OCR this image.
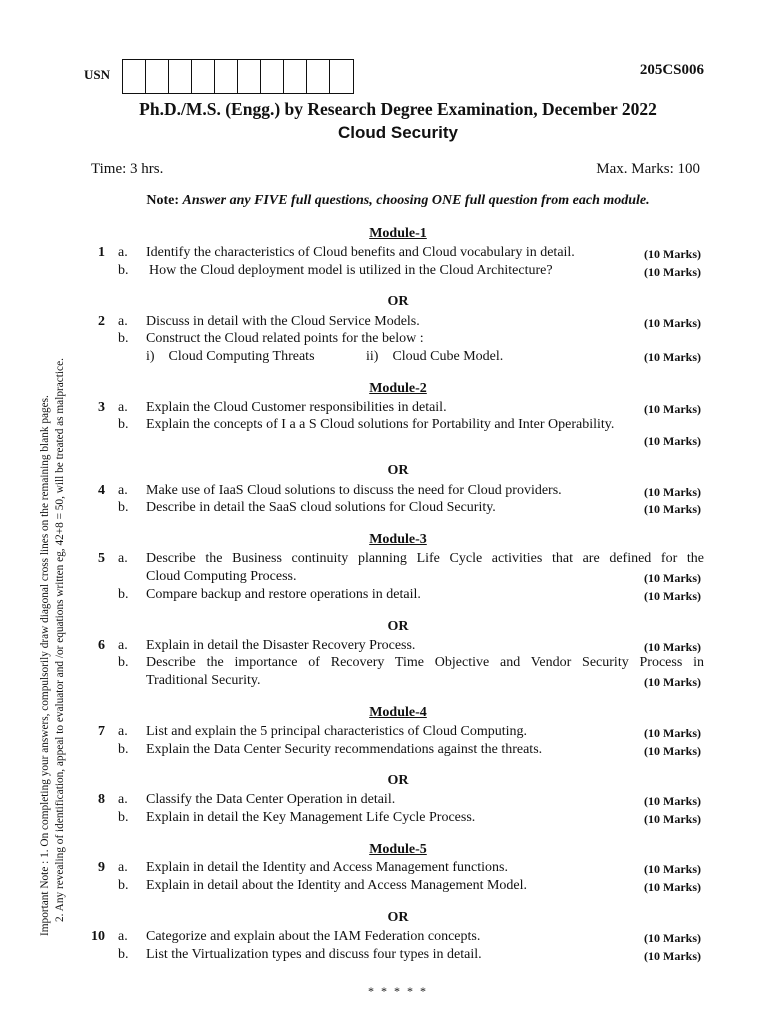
USN	205CS006
Ph.D./M.S. (Engg.) by Research Degree Examination, December 2022
Cloud Security
Time: 3 hrs.	Max. Marks: 100
Note: Answer any FIVE full questions, choosing ONE full question from each module.
Important Note : 1. On completing your answers, compulsorily draw diagonal cross lines on the remaining blank pages. 2. Any revealing of identification, appeal to evaluator and /or equations written eg, 42+8 = 50, will be treated as malpractice.
Module-1
1 a. Identify the characteristics of Cloud benefits and Cloud vocabulary in detail.	(10 Marks)
b. How the Cloud deployment model is utilized in the Cloud Architecture?	(10 Marks)
OR
2 a. Discuss in detail with the Cloud Service Models.	(10 Marks)
b. Construct the Cloud related points for the below :
i)    Cloud Computing Threats	ii)    Cloud Cube Model.	(10 Marks)
Module-2
3 a. Explain the Cloud Customer responsibilities in detail.	(10 Marks)
b. Explain the concepts of I a a S Cloud solutions for Portability and Inter Operability.
(10 Marks)
OR
4 a. Make use of IaaS Cloud solutions to discuss the need for Cloud providers.	(10 Marks)
b. Describe in detail the SaaS cloud solutions for Cloud Security.	(10 Marks)
Module-3
5 a. Describe the Business continuity planning Life Cycle activities that are defined for the
Cloud Computing Process.	(10 Marks)
b. Compare backup and restore operations in detail.	(10 Marks)
OR
6 a. Explain in detail the Disaster Recovery Process.	(10 Marks)
b. Describe the importance of Recovery Time Objective and Vendor Security Process in
Traditional Security.	(10 Marks)
Module-4
7 a. List and explain the 5 principal characteristics of Cloud Computing.	(10 Marks)
b. Explain the Data Center Security recommendations against the threats.	(10 Marks)
OR
8 a. Classify the Data Center Operation in detail.	(10 Marks)
b. Explain in detail the Key Management Life Cycle Process.	(10 Marks)
Module-5
9 a. Explain in detail the Identity and Access Management functions.	(10 Marks)
b. Explain in detail about the Identity and Access Management Model.	(10 Marks)
OR
10 a. Categorize and explain about the IAM Federation concepts.	(10 Marks)
b. List the Virtualization types and discuss four types in detail.	(10 Marks)
* * * * *
